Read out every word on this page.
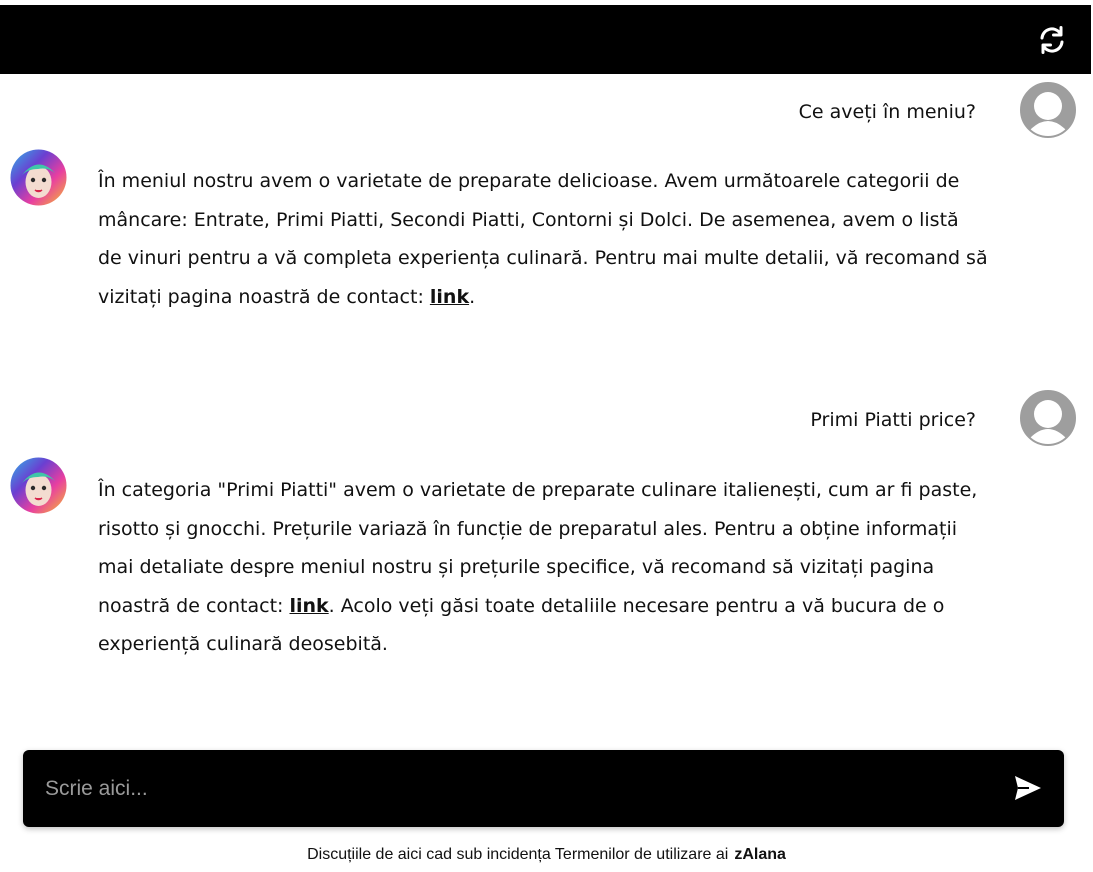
Ce aveți în meniu?
În meniul nostru avem o varietate de preparate delicioase. Avem următoarele categorii de mâncare: Entrate, Primi Piatti, Secondi Piatti, Contorni și Dolci. De asemenea, avem o listă de vinuri pentru a vă completa experiența culinară. Pentru mai multe detalii, vă recomand să vizitați pagina noastră de contact: link.
Primi Piatti price?
În categoria "Primi Piatti" avem o varietate de preparate culinare italienești, cum ar fi paste, risotto și gnocchi. Prețurile variază în funcție de preparatul ales. Pentru a obține informații mai detaliate despre meniul nostru și prețurile specifice, vă recomand să vizitați pagina noastră de contact: link. Acolo veți găsi toate detaliile necesare pentru a vă bucura de o experiență culinară deosebită.
Scrie aici...
Discuțiile de aici cad sub incidența Termenilor de utilizare ai zAlana
